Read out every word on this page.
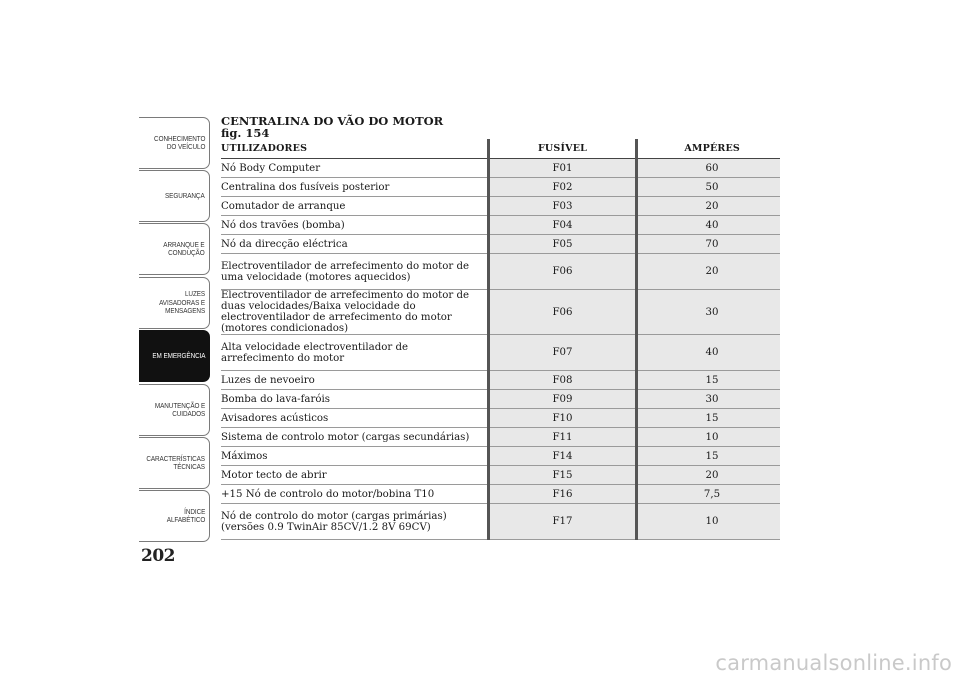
CONHECIMENTO
DO VEÍCULO
SEGURANÇA
ARRANQUE E
CONDUÇÃO
LUZES
AVISADORAS E
MENSAGENS
EM EMERGÊNCIA
MANUTENÇÃO E
CUIDADOS
CARACTERÍSTICAS
TÉCNICAS
ÍNDICE
ALFABÉTICO
202
CENTRALINA DO VÃO DO MOTOR
fig. 154
UTILIZADORES	FUSÍVEL	AMPÉRES
Nó Body Computer	F01	60
Centralina dos fusíveis posterior	F02	50
Comutador de arranque	F03	20
Nó dos travões (bomba)	F04	40
Nó da direcção eléctrica	F05	70
Electroventilador de arrefecimento do motor de uma velocidade (motores aquecidos)	F06	20
Electroventilador de arrefecimento do motor de duas velocidades/Baixa velocidade do electroventilador de arrefecimento do motor (motores condicionados)	F06	30
Alta velocidade electroventilador de arrefecimento do motor	F07	40
Luzes de nevoeiro	F08	15
Bomba do lava-faróis	F09	30
Avisadores acústicos	F10	15
Sistema de controlo motor (cargas secundárias)	F11	10
Máximos	F14	15
Motor tecto de abrir	F15	20
+15 Nó de controlo do motor/bobina T10	F16	7,5
Nó de controlo do motor (cargas primárias) (versões 0.9 TwinAir 85CV/1.2 8V 69CV)	F17	10
carmanualsonline.info
